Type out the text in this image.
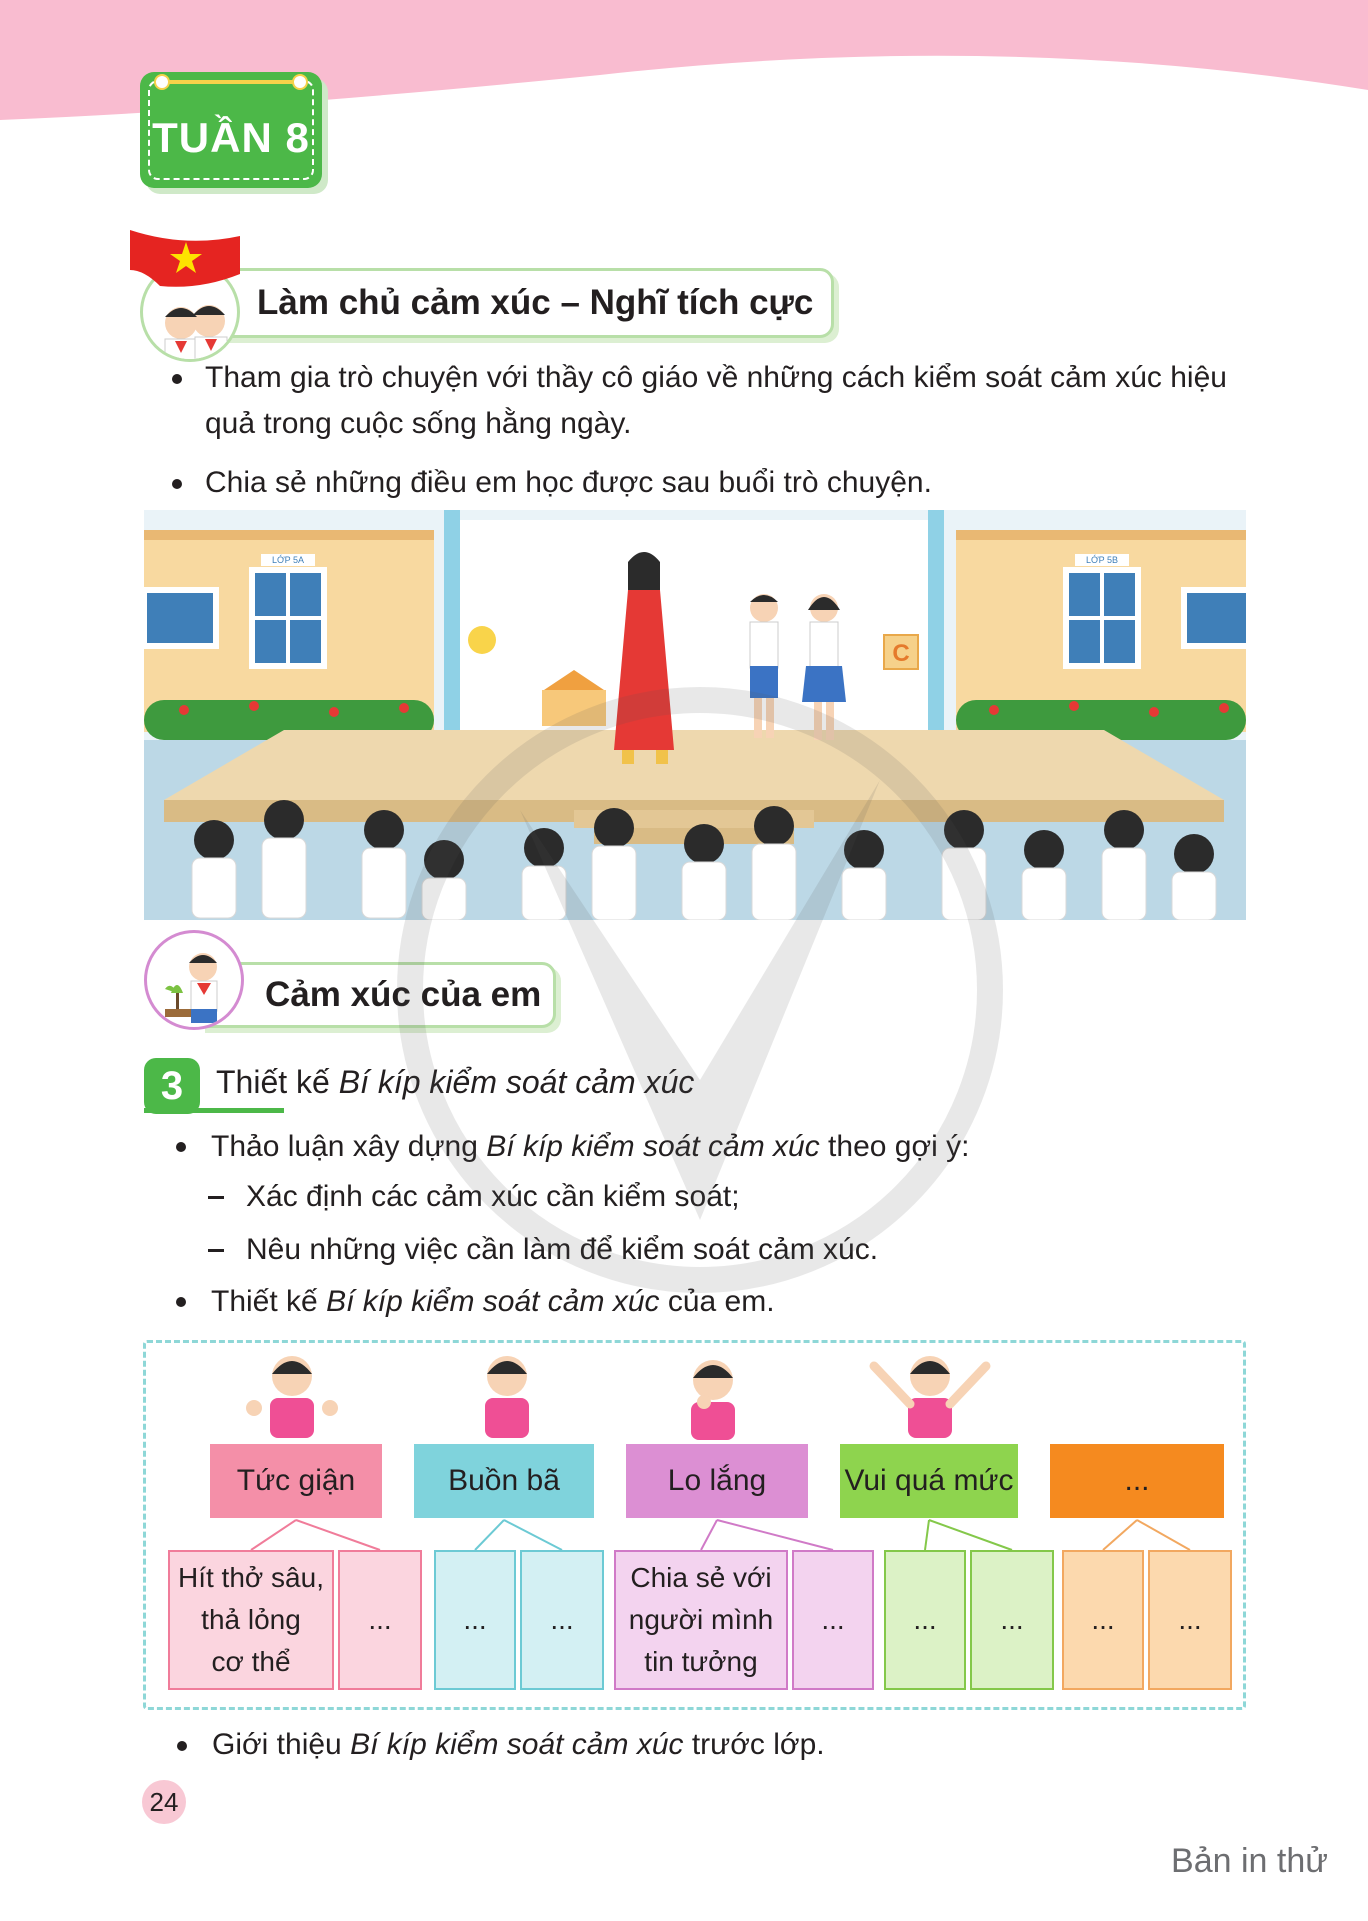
TUẦN 8
Làm chủ cảm xúc – Nghĩ tích cực
Tham gia trò chuyện với thầy cô giáo về những cách kiểm soát cảm xúc hiệu
quả trong cuộc sống hằng ngày.
Chia sẻ những điều em học được sau buổi trò chuyện.
LỚP 5A	LỚP 5B
C
Cảm xúc của em
3	Thiết kế Bí kíp kiểm soát cảm xúc
Thảo luận xây dựng Bí kíp kiểm soát cảm xúc theo gợi ý:
Xác định các cảm xúc cần kiểm soát;
Nêu những việc cần làm để kiểm soát cảm xúc.
Thiết kế Bí kíp kiểm soát cảm xúc của em.
Tức giận
Hít thở sâu,
thả lỏng
cơ thể
...
Buồn bã
... ...
Lo lắng
Chia sẻ với
người mình
tin tưởng
...
Vui quá mức
... ...
...
... ...
Giới thiệu Bí kíp kiểm soát cảm xúc trước lớp.
24
Bản in thử
